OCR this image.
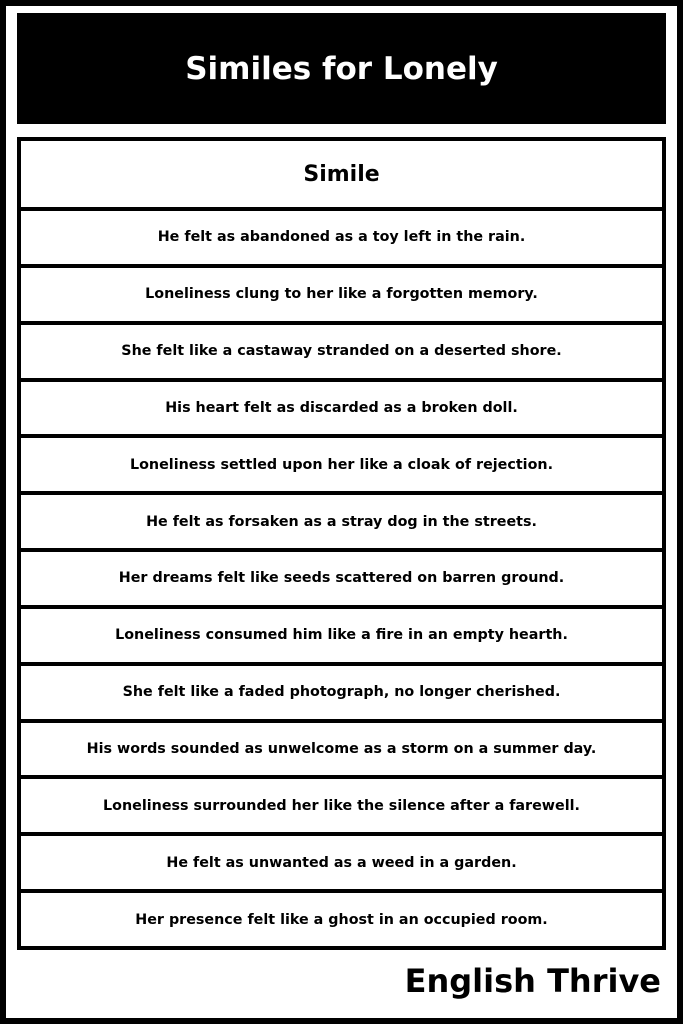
Similes for Lonely
Simile
He felt as abandoned as a toy left in the rain.
Loneliness clung to her like a forgotten memory.
She felt like a castaway stranded on a deserted shore.
His heart felt as discarded as a broken doll.
Loneliness settled upon her like a cloak of rejection.
He felt as forsaken as a stray dog in the streets.
Her dreams felt like seeds scattered on barren ground.
Loneliness consumed him like a fire in an empty hearth.
She felt like a faded photograph, no longer cherished.
His words sounded as unwelcome as a storm on a summer day.
Loneliness surrounded her like the silence after a farewell.
He felt as unwanted as a weed in a garden.
Her presence felt like a ghost in an occupied room.
English Thrive
